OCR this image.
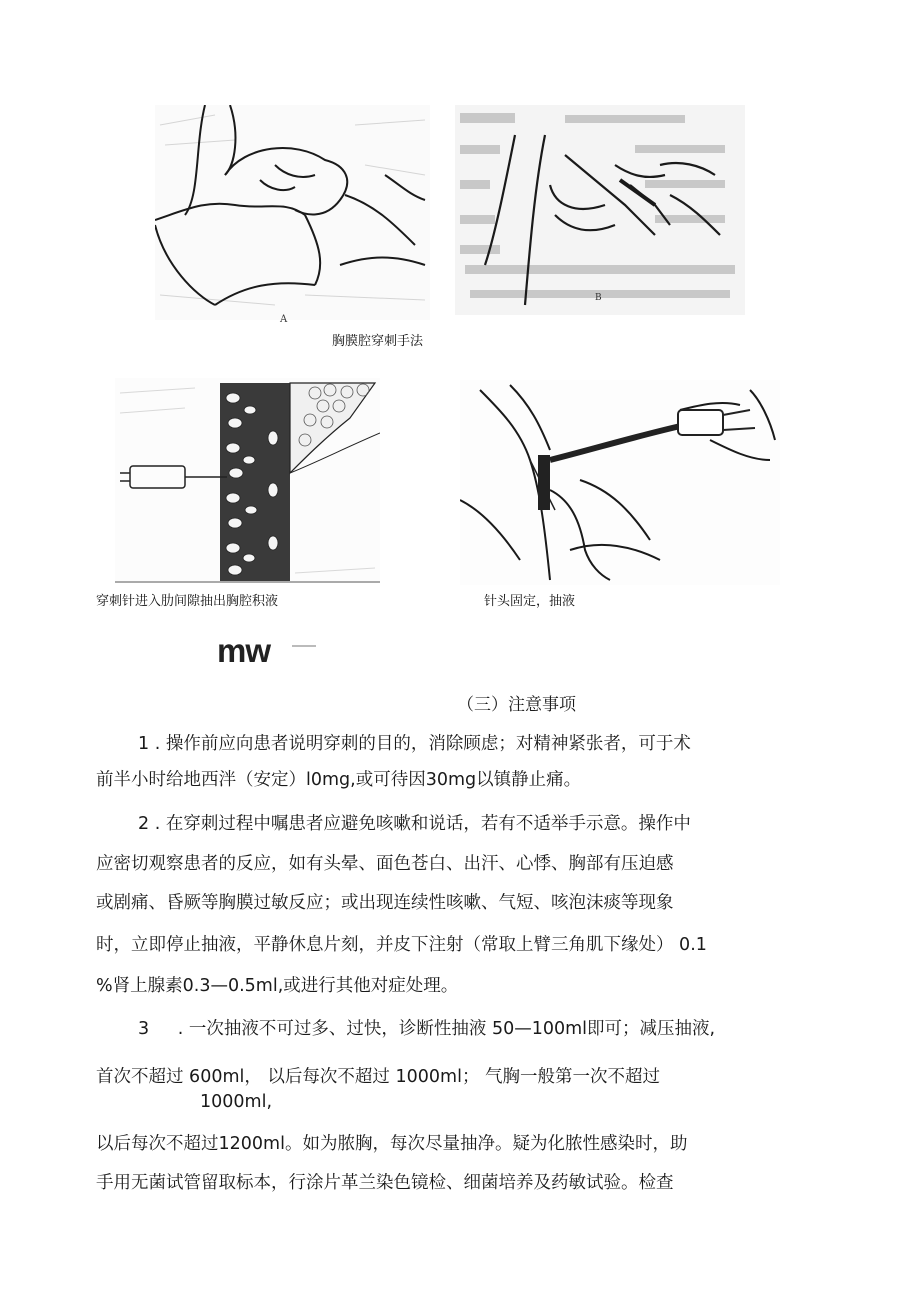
A
B
胸膜腔穿刺手法
穿刺针进入肋间隙抽出胸腔积液	针头固定，抽液
mw
（三）注意事项
1 . 操作前应向患者说明穿刺的目的，消除顾虑；对精神紧张者，可于术
前半小时给地西泮（安定）l0mg,或可待因30mg以镇静止痛。
2 . 在穿刺过程中嘱患者应避免咳嗽和说话，若有不适举手示意。操作中
应密切观察患者的反应，如有头晕、面色苍白、出汗、心悸、胸部有压迫感
或剧痛、昏厥等胸膜过敏反应；或出现连续性咳嗽、气短、咳泡沫痰等现象
时，立即停止抽液，平静休息片刻，并皮下注射（常取上臂三角肌下缘处） 0.1
%肾上腺素0.3—0.5ml,或进行其他对症处理。
3 　 . 一次抽液不可过多、过快，诊断性抽液 50—100ml即可；减压抽液,
首次不超过 600ml， 以后每次不超过 1000ml； 气胸一般第一次不超过
1000ml,
以后每次不超过1200ml。如为脓胸，每次尽量抽净。疑为化脓性感染时，助
手用无菌试管留取标本，行涂片革兰染色镜检、细菌培养及药敏试验。检查
